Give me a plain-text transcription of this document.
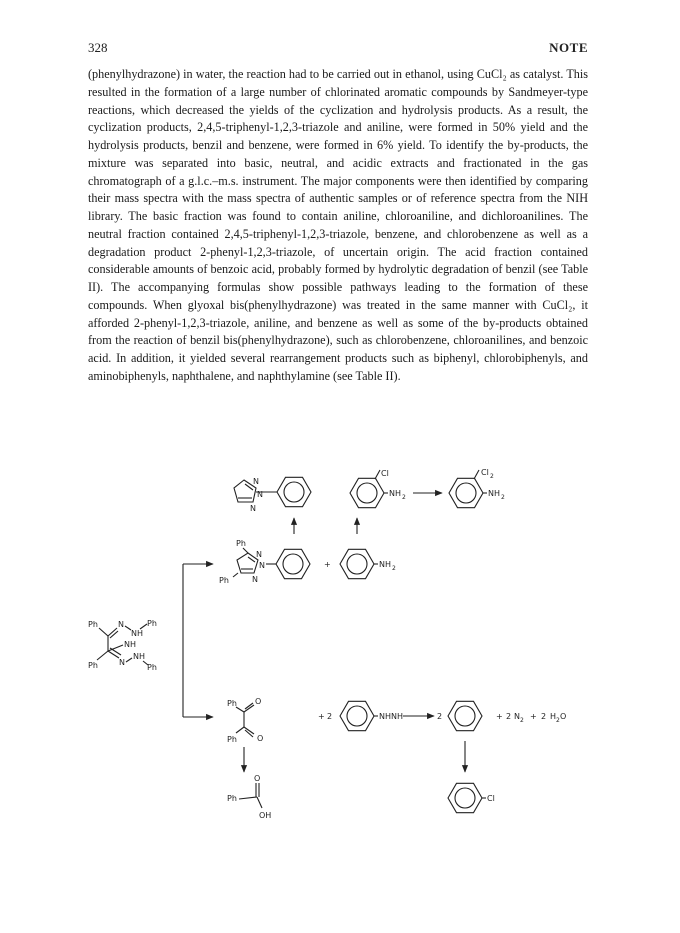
328	NOTE

(phenylhydrazone) in water, the reaction had to be carried out in ethanol, using CuCl₂ as catalyst. This resulted in the formation of a large number of chlorinated aromatic compounds by Sandmeyer-type reactions, which decreased the yields of the cyclization and hydrolysis products. As a result, the cyclization products, 2,4,5-triphenyl-1,2,3-triazole and aniline, were formed in 50% yield and the hydrolysis products, benzil and benzene, were formed in 6% yield. To identify the by-products, the mixture was separated into basic, neutral, and acidic extracts and fractionated in the gas chromatograph of a g.l.c.–m.s. instrument. The major components were then identified by comparing their mass spectra with the mass spectra of authentic samples or of reference spectra from the NIH library. The basic fraction was found to contain aniline, chloroaniline, and dichloroanilines. The neutral fraction contained 2,4,5-triphenyl-1,2,3-triazole, benzene, and chlorobenzene as well as a degradation product 2-phenyl-1,2,3-triazole, of uncertain origin. The acid fraction contained considerable amounts of benzoic acid, probably formed by hydrolytic degradation of benzil (see Table II). The accompanying formulas show possible pathways leading to the formation of these compounds. When glyoxal bis(phenylhydrazone) was treated in the same manner with CuCl₂, it afforded 2-phenyl-1,2,3-triazole, aniline, and benzene as well as some of the by-products obtained from the reaction of benzil bis(phenylhydrazone), such as chlorobenzene, chloroanilines, and benzoic acid. In addition, it yielded several rearrangement products such as biphenyl, chlorobiphenyls, and aminobiphenyls, naphthalene, and naphthylamine (see Table II).

N
N
N
Cl
NH 2
Cl 2
NH 2
Ph
N
N
N
Ph
+	NH 2
Ph	N
NH
Ph
NH
Ph	N
NH
Ph
Ph O
Ph	O
+ 2	NHNH	2	+ 2 N 2 + 2 H 2 O
O
Ph
OH
Cl
